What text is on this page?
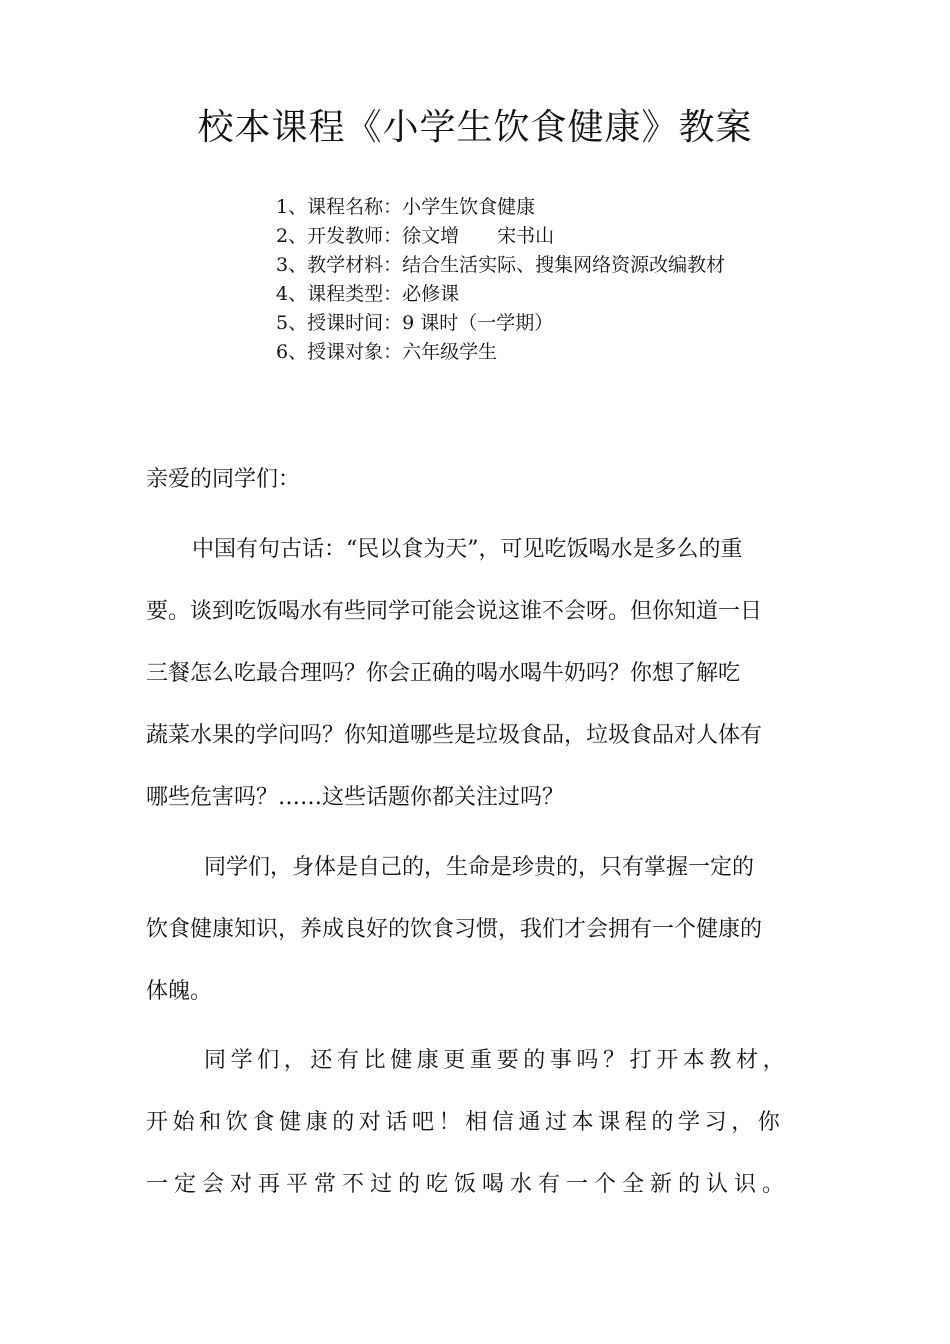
校本课程《小学生饮食健康》教案
1、课程名称：小学生饮食健康
2、开发教师：徐文增　　宋书山
3、教学材料：结合生活实际、搜集网络资源改编教材
4、课程类型：必修课
5、授课时间：9 课时（一学期）
6、授课对象：六年级学生
亲爱的同学们：
中国有句古话：“民以食为天”，可见吃饭喝水是多么的重
要。谈到吃饭喝水有些同学可能会说这谁不会呀。但你知道一日
三餐怎么吃最合理吗？你会正确的喝水喝牛奶吗？你想了解吃
蔬菜水果的学问吗？你知道哪些是垃圾食品，垃圾食品对人体有
哪些危害吗？……这些话题你都关注过吗？
同学们，身体是自己的，生命是珍贵的，只有掌握一定的
饮食健康知识，养成良好的饮食习惯，我们才会拥有一个健康的
体魄。
同学们，还有比健康更重要的事吗？打开本教材，
开始和饮食健康的对话吧！相信通过本课程的学习，你
一定会对再平常不过的吃饭喝水有一个全新的认识。
